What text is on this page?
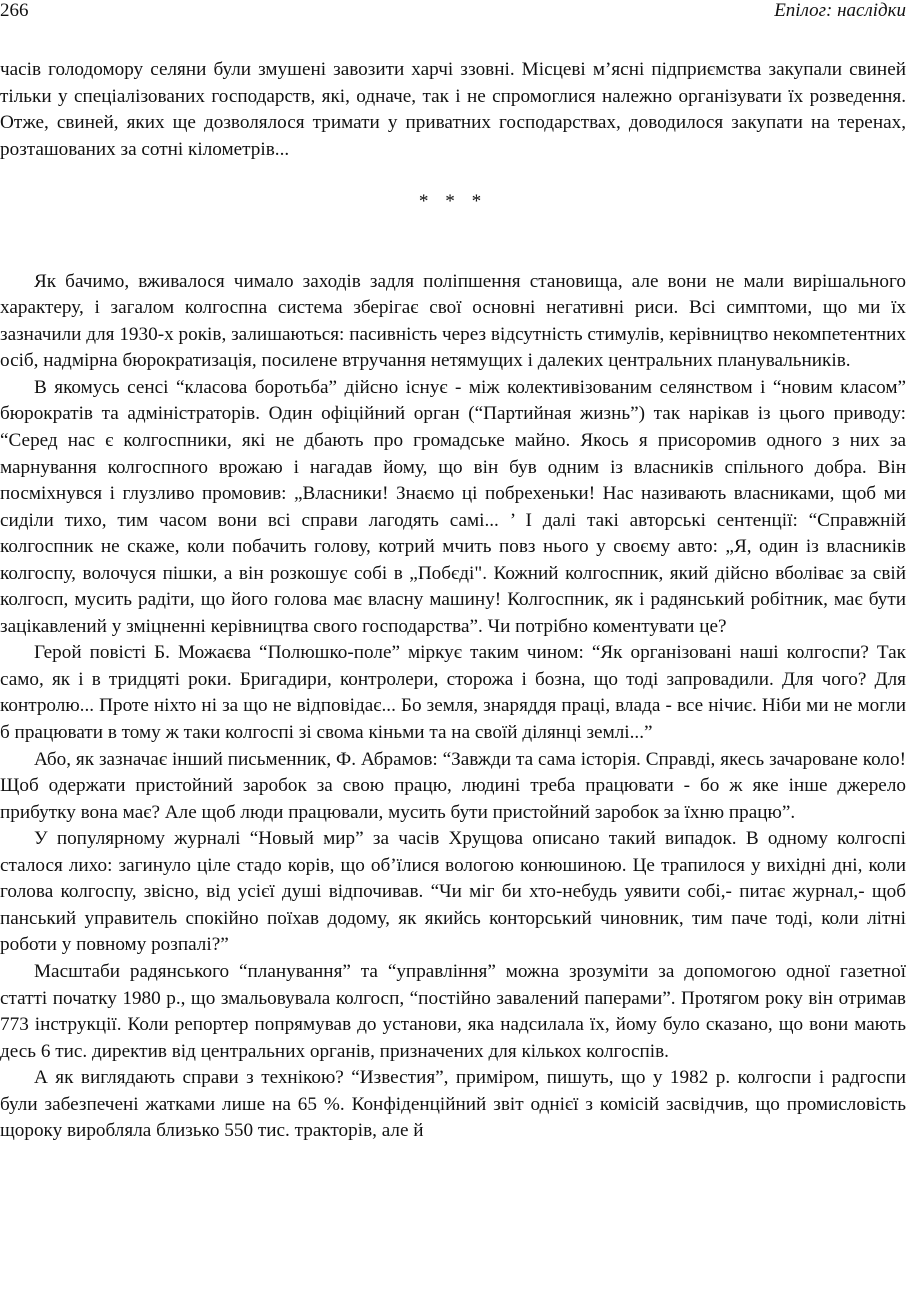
266	Епілог: наслідки

часів голодомору селяни були змушені завозити харчі ззовні. Місцеві м’ясні підприємства закупали свиней тільки у спеціалізованих господарств, які, одначе, так і не спромоглися належно організувати їх розведення. Отже, свиней, яких ще дозволялося тримати у приватних господарствах, доводилося закупати на теренах, розташованих за сотні кілометрів...

* * *

Як бачимо, вживалося чимало заходів задля поліпшення становища, але вони не мали вирішального характеру, і загалом колгоспна система зберігає свої основні негативні риси. Всі симптоми, що ми їх зазначили для 1930-х років, залишаються: пасивність через відсутність стимулів, керівництво некомпетентних осіб, надмірна бюрократизація, посилене втручання нетямущих і далеких центральних планувальників.

В якомусь сенсі “класова боротьба” дійсно існує - між колективізованим селянством і “новим класом” бюрократів та адміністраторів. Один офіційний орган (“Партийная жизнь”) так нарікав із цього приводу: “Серед нас є колгоспники, які не дбають про громадське майно. Якось я присоромив одного з них за марнування колгоспного врожаю і нагадав йому, що він був одним із власників спільного добра. Він посміхнувся і глузливо промовив: „Власники! Знаємо ці побрехеньки! Нас називають власниками, щоб ми сиділи тихо, тим часом вони всі справи лагодять самі... ’ І далі такі авторські сентенції: “Справжній колгоспник не скаже, коли побачить голову, котрий мчить повз нього у своєму авто: „Я, один із власників колгоспу, волочуся пішки, а він розкошує собі в „Побєді". Кожний колгоспник, який дійсно вболіває за свій колгосп, мусить радіти, що його голова має власну машину! Колгоспник, як і радянський робітник, має бути зацікавлений у зміцненні керівництва свого господарства”. Чи потрібно коментувати це?

Герой повісті Б. Можаєва “Полюшко-поле” міркує таким чином: “Як організовані наші колгоспи? Так само, як і в тридцяті роки. Бригадири, контролери, сторожа і бозна, що тоді запровадили. Для чого? Для контролю... Проте ніхто ні за що не відповідає... Бо земля, знаряддя праці, влада - все нічиє. Ніби ми не могли б працювати в тому ж таки колгоспі зі свома кіньми та на своїй ділянці землі...”

Або, як зазначає інший письменник, Ф. Абрамов: “Завжди та сама історія. Справді, якесь зачароване коло! Щоб одержати пристойний заробок за свою працю, людині треба працювати - бо ж яке інше джерело прибутку вона має? Але щоб люди працювали, мусить бути пристойний заробок за їхню працю”.

У популярному журналі “Новый мир” за часів Хрущова описано такий випадок. В одному колгоспі сталося лихо: загинуло ціле стадо корів, що об’їлися вологою конюшиною. Це трапилося у вихідні дні, коли голова колгоспу, звісно, від усієї душі відпочивав. “Чи міг би хто-небудь уявити собі,- питає журнал,- щоб панський управитель спокійно поїхав додому, як якийсь конторський чиновник, тим паче тоді, коли літні роботи у повному розпалі?”

Масштаби радянського “планування” та “управління” можна зрозуміти за допомогою одної газетної статті початку 1980 р., що змальовувала колгосп, “постійно завалений паперами”. Протягом року він отримав 773 інструкції. Коли репортер попрямував до установи, яка надсилала їх, йому було сказано, що вони мають десь 6 тис. директив від центральних органів, призначених для кількох колгоспів.

А як виглядають справи з технікою? “Известия”, приміром, пишуть, що у 1982 р. колгоспи і радгоспи були забезпечені жатками лише на 65 %. Конфіденційний звіт однієї з комісій засвідчив, що промисловість щороку виробляла близько 550 тис. тракторів, але й
